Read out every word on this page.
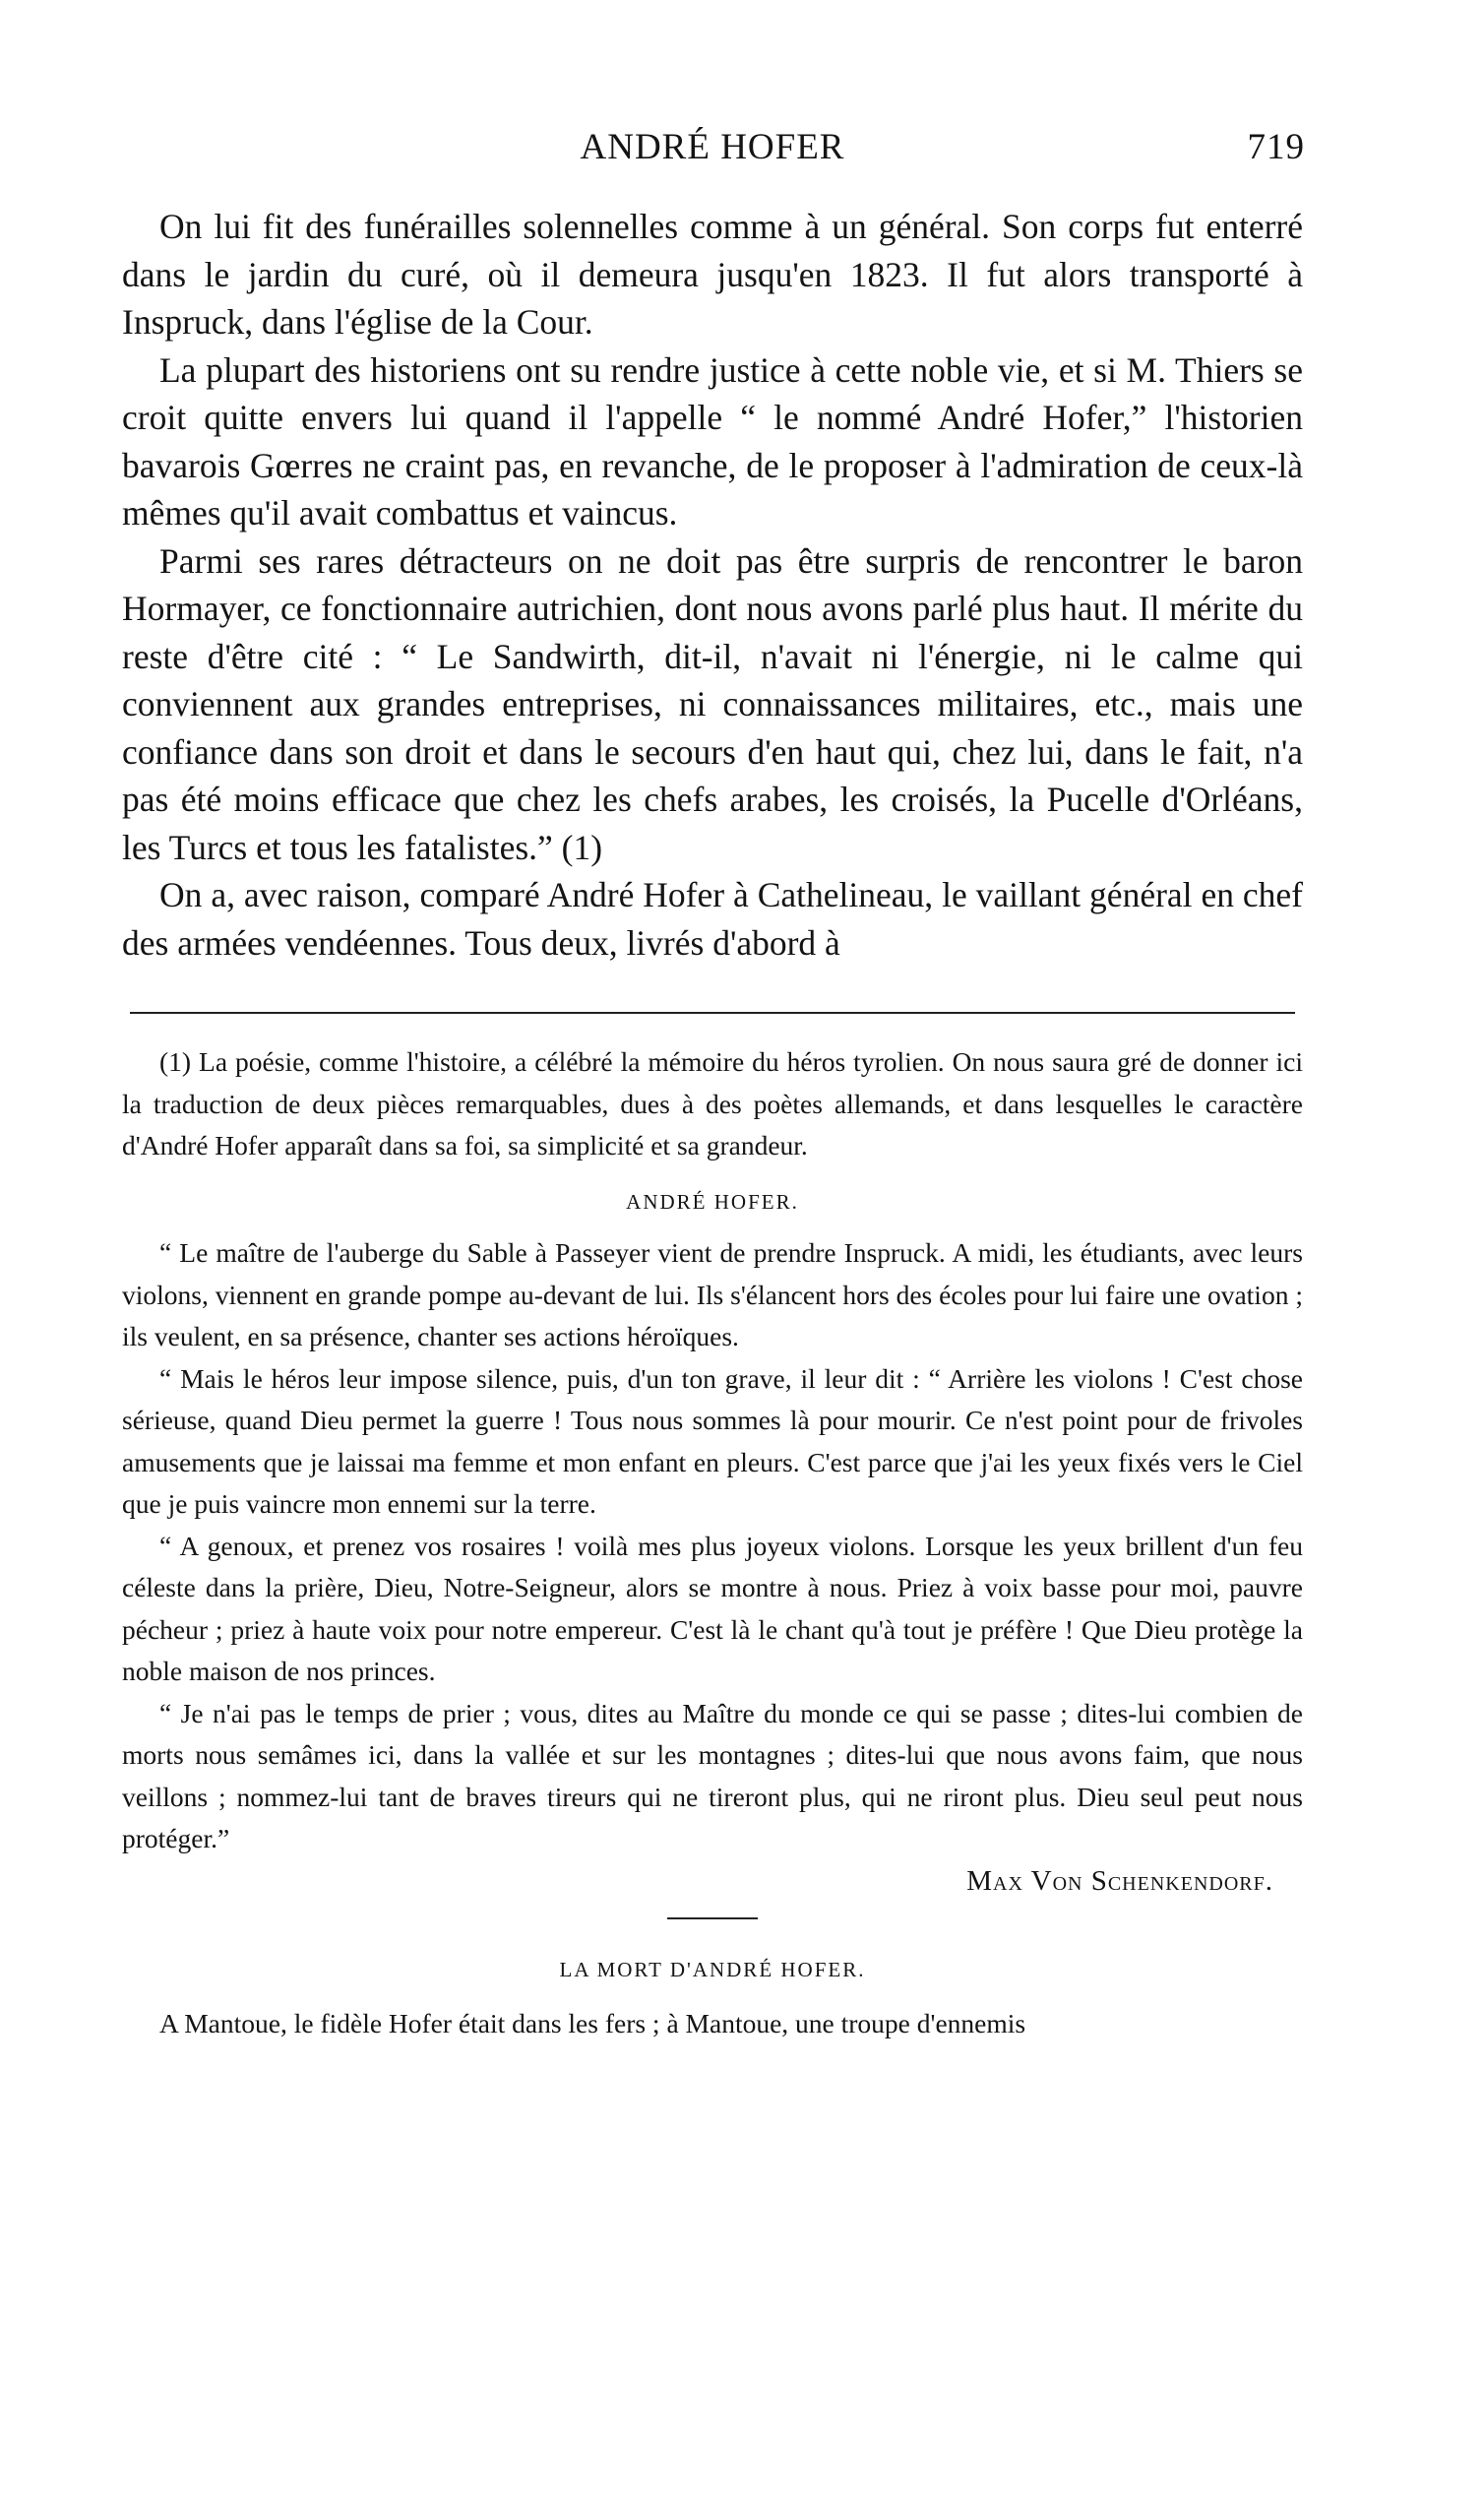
ANDRÉ HOFER	719

On lui fit des funérailles solennelles comme à un général. Son corps fut enterré dans le jardin du curé, où il demeura jusqu'en 1823. Il fut alors transporté à Inspruck, dans l'église de la Cour.

La plupart des historiens ont su rendre justice à cette noble vie, et si M. Thiers se croit quitte envers lui quand il l'appelle “ le nommé André Hofer,” l'historien bavarois Gœrres ne craint pas, en revanche, de le proposer à l'admiration de ceux-là mêmes qu'il avait combattus et vaincus.

Parmi ses rares détracteurs on ne doit pas être surpris de rencontrer le baron Hormayer, ce fonctionnaire autrichien, dont nous avons parlé plus haut. Il mérite du reste d'être cité : “ Le Sandwirth, dit-il, n'avait ni l'énergie, ni le calme qui conviennent aux grandes entreprises, ni connaissances militaires, etc., mais une confiance dans son droit et dans le secours d'en haut qui, chez lui, dans le fait, n'a pas été moins efficace que chez les chefs arabes, les croisés, la Pucelle d'Orléans, les Turcs et tous les fatalistes.” (1)

On a, avec raison, comparé André Hofer à Cathelineau, le vaillant général en chef des armées vendéennes. Tous deux, livrés d'abord à

(1) La poésie, comme l'histoire, a célébré la mémoire du héros tyrolien. On nous saura gré de donner ici la traduction de deux pièces remarquables, dues à des poètes allemands, et dans lesquelles le caractère d'André Hofer apparaît dans sa foi, sa simplicité et sa grandeur.

ANDRÉ HOFER.

“ Le maître de l'auberge du Sable à Passeyer vient de prendre Inspruck. A midi, les étudiants, avec leurs violons, viennent en grande pompe au-devant de lui. Ils s'élancent hors des écoles pour lui faire une ovation ; ils veulent, en sa présence, chanter ses actions héroïques.

“ Mais le héros leur impose silence, puis, d'un ton grave, il leur dit : “ Arrière les violons ! C'est chose sérieuse, quand Dieu permet la guerre ! Tous nous sommes là pour mourir. Ce n'est point pour de frivoles amusements que je laissai ma femme et mon enfant en pleurs. C'est parce que j'ai les yeux fixés vers le Ciel que je puis vaincre mon ennemi sur la terre.

“ A genoux, et prenez vos rosaires ! voilà mes plus joyeux violons. Lorsque les yeux brillent d'un feu céleste dans la prière, Dieu, Notre-Seigneur, alors se montre à nous. Priez à voix basse pour moi, pauvre pécheur ; priez à haute voix pour notre empereur. C'est là le chant qu'à tout je préfère ! Que Dieu protège la noble maison de nos princes.

“ Je n'ai pas le temps de prier ; vous, dites au Maître du monde ce qui se passe ; dites-lui combien de morts nous semâmes ici, dans la vallée et sur les montagnes ; dites-lui que nous avons faim, que nous veillons ; nommez-lui tant de braves tireurs qui ne tireront plus, qui ne riront plus. Dieu seul peut nous protéger.”

Max Von Schenkendorf.

LA MORT D'ANDRÉ HOFER.

A Mantoue, le fidèle Hofer était dans les fers ; à Mantoue, une troupe d'ennemis
